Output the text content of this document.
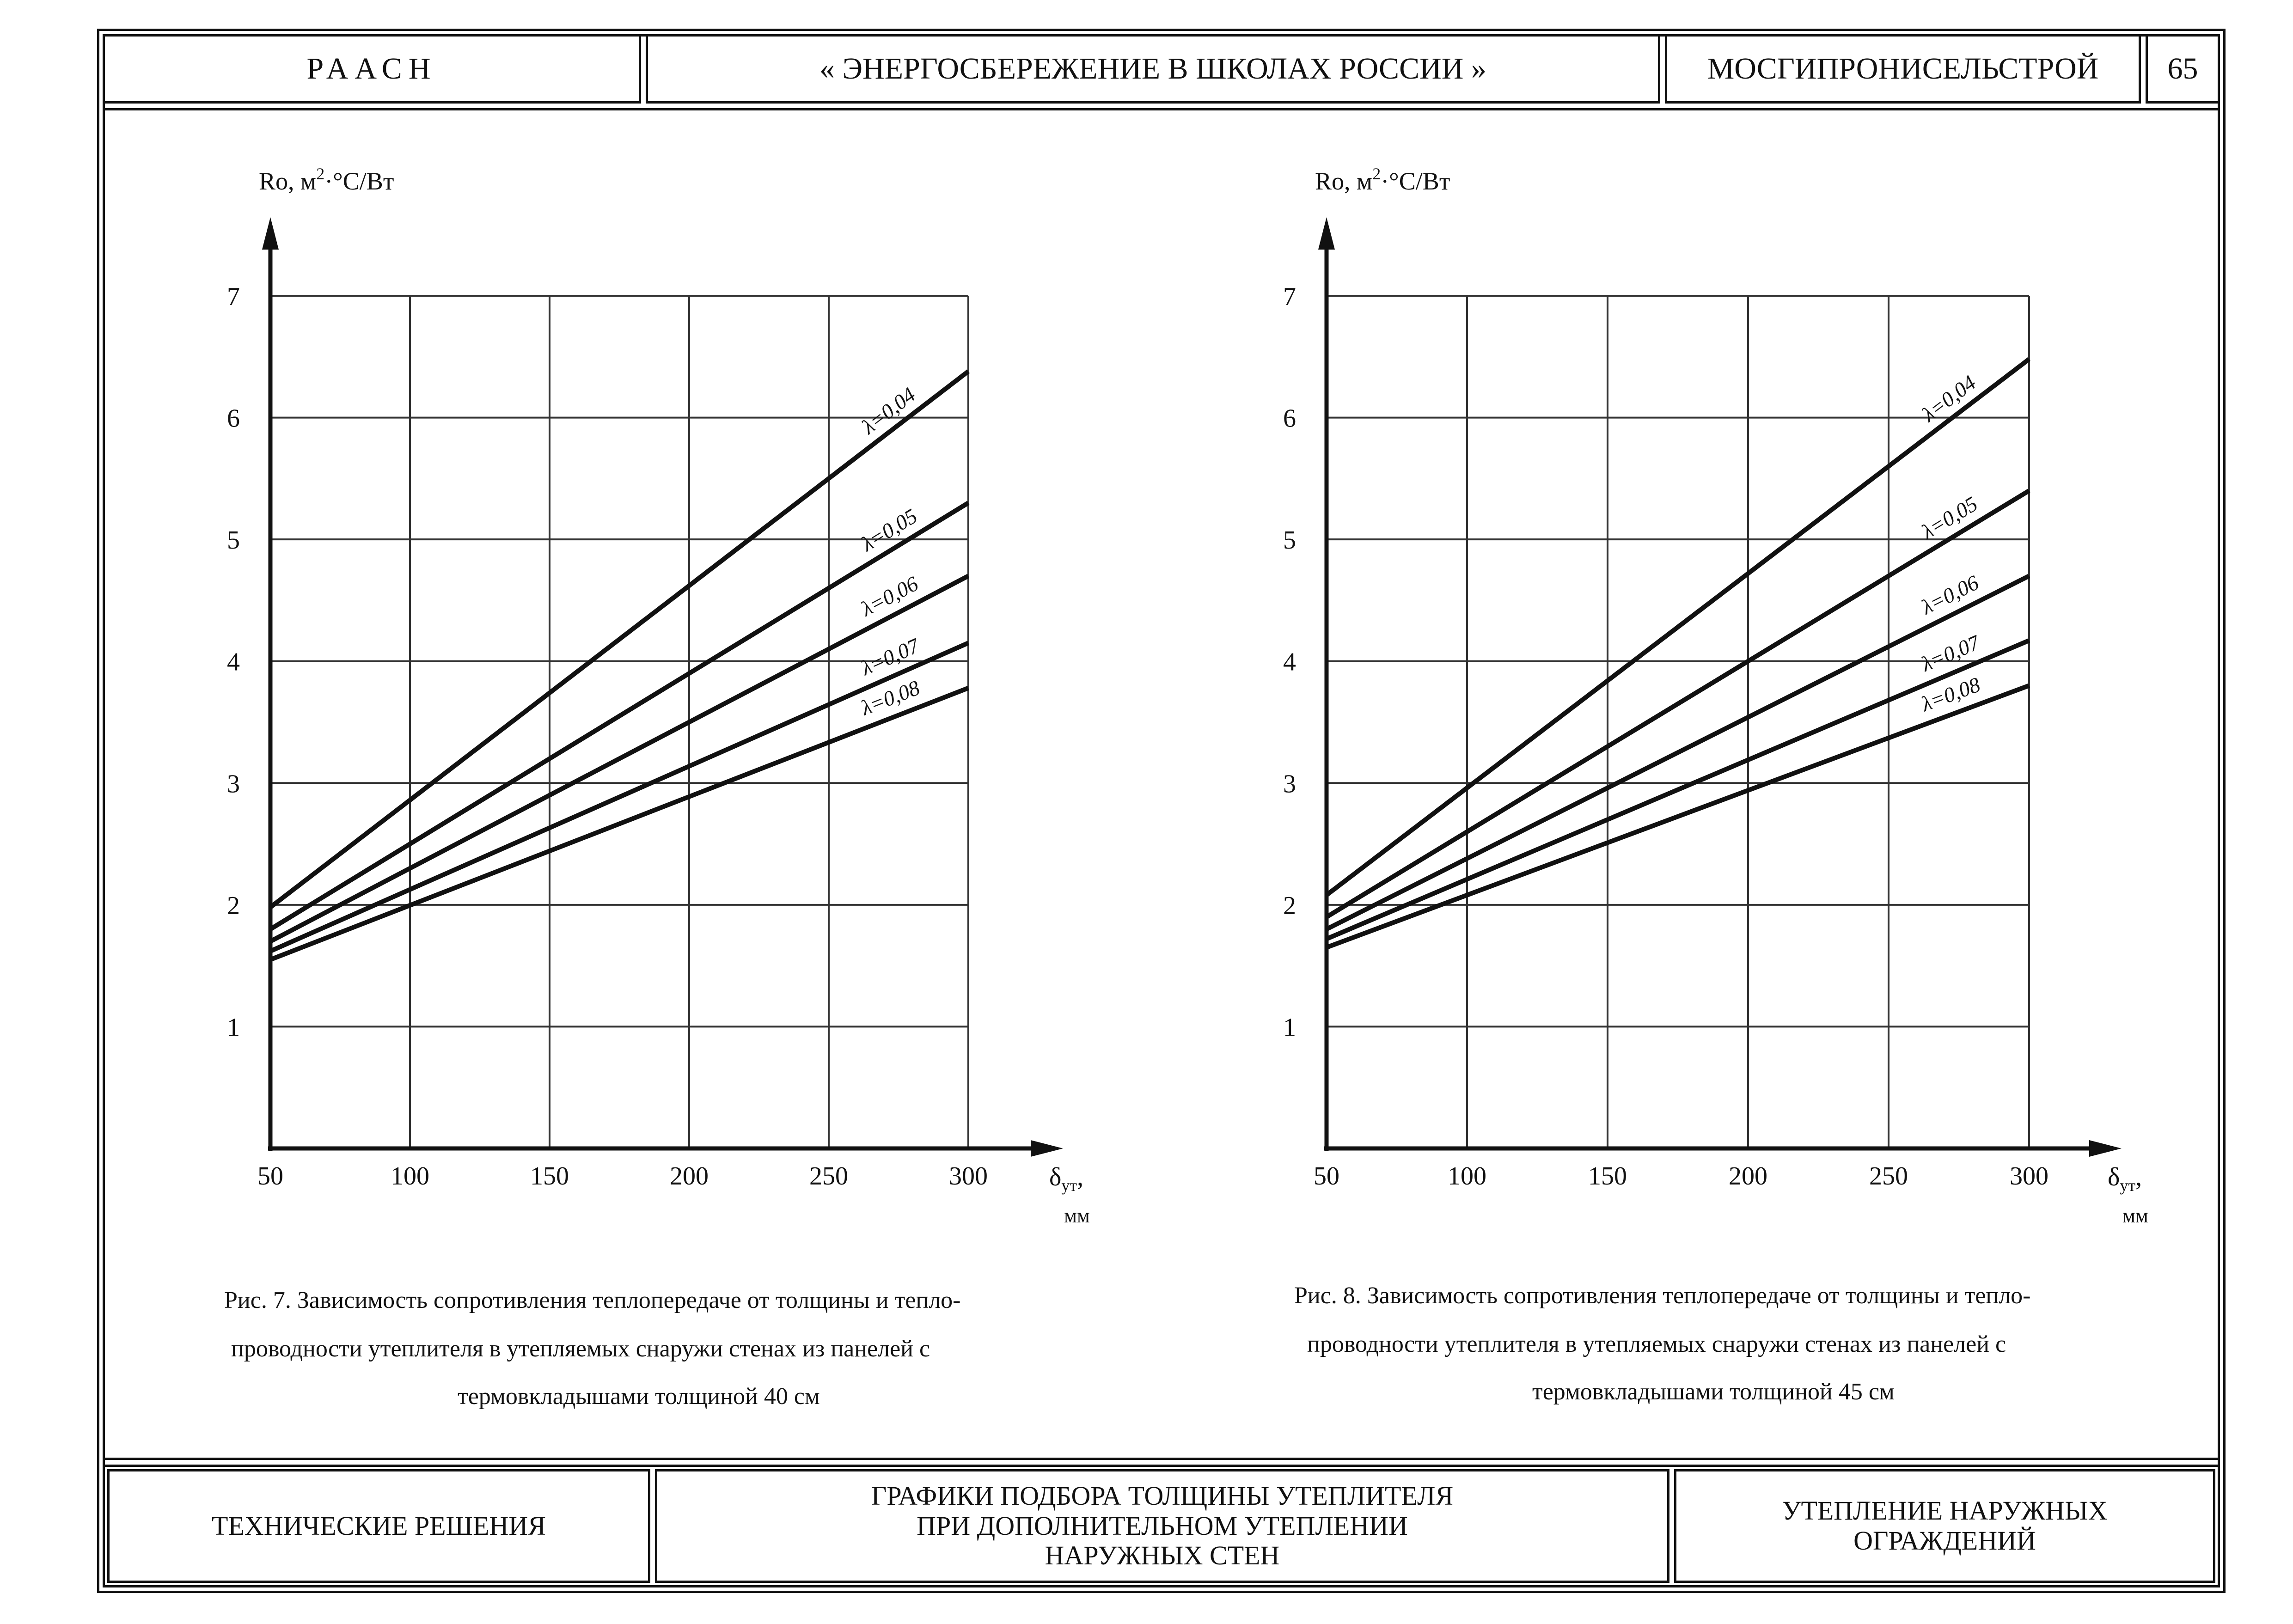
РААСН	« ЭНЕРГОСБЕРЕЖЕНИЕ В ШКОЛАХ РОССИИ »	МОСГИПРОНИСЕЛЬСТРОЙ 65
50	100	150	200	250	300
1
2
3
4
5
6
7
Ro, $м^2\cdot^\circ С/Вт$
$\delta_{ут}$,
мм
λ=0,04
λ=0,05
λ=0,06
λ=0,07
λ=0,08
50	100	150	200	250	300
1
2
3
4
5
6
7
Ro, $м^2\cdot^\circ С/Вт$
$\delta_{ут}$,
мм
λ=0,04
λ=0,05
λ=0,06
λ=0,07
λ=0,08
Рис. 7. Зависимость сопротивления теплопередаче от толщины и тепло-
проводности утеплителя в утепляемых снаружи стенах из панелей с
термовкладышами толщиной 40 см
Рис. 8. Зависимость сопротивления теплопередаче от толщины и тепло-
проводности утеплителя в утепляемых снаружи стенах из панелей с
термовкладышами толщиной 45 см
ТЕХНИЧЕСКИЕ РЕШЕНИЯ
ГРАФИКИ ПОДБОРА ТОЛЩИНЫ УТЕПЛИТЕЛЯ
ПРИ ДОПОЛНИТЕЛЬНОМ УТЕПЛЕНИИ
НАРУЖНЫХ СТЕН
УТЕПЛЕНИЕ НАРУЖНЫХ
ОГРАЖДЕНИЙ
